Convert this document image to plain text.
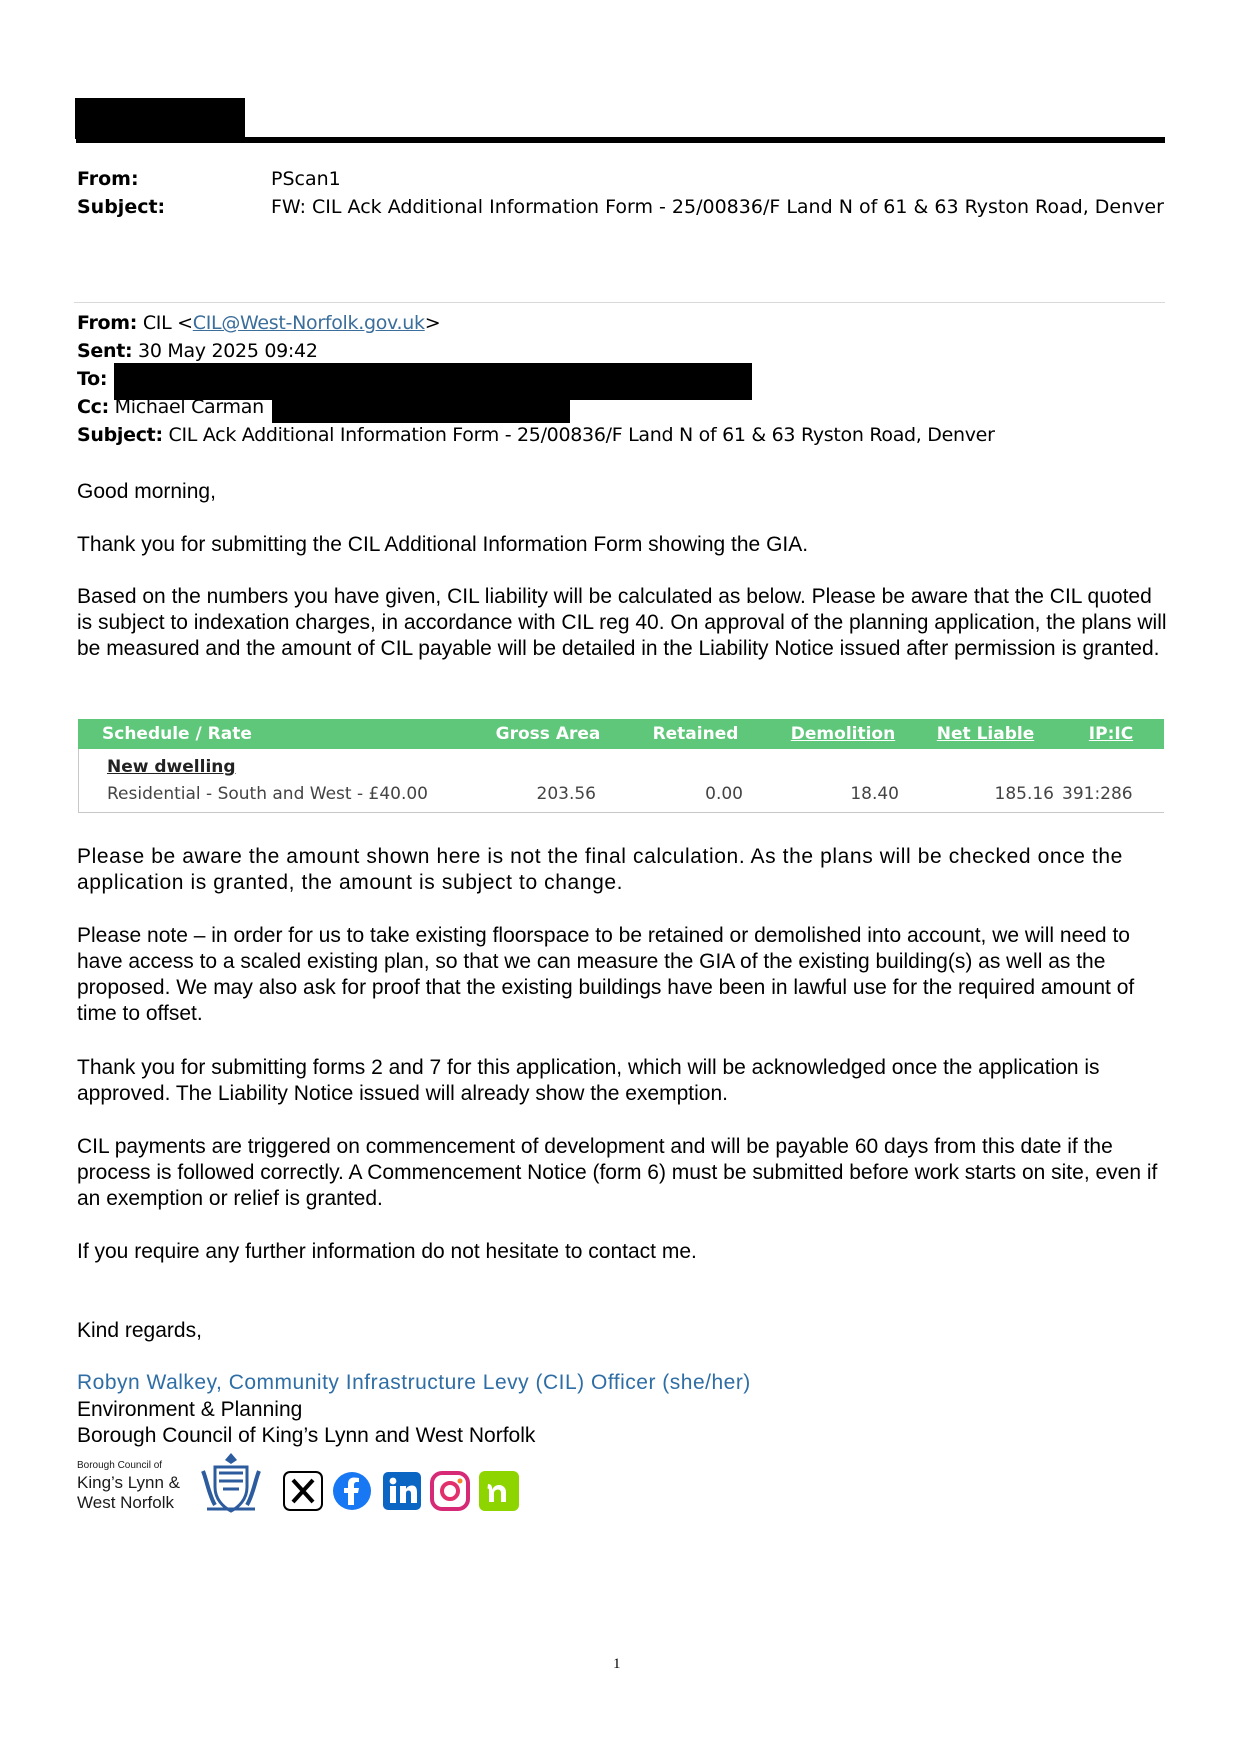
From:	PScan1
Subject:	FW: CIL Ack Additional Information Form - 25/00836/F Land N of 61 & 63 Ryston Road, Denver
From: CIL <CIL@West-Norfolk.gov.uk>
Sent: 30 May 2025 09:42
To:
Cc: Michael Carman
Subject: CIL Ack Additional Information Form - 25/00836/F Land N of 61 & 63 Ryston Road, Denver
Good morning,
Thank you for submitting the CIL Additional Information Form showing the GIA.
Based on the numbers you have given, CIL liability will be calculated as below. Please be aware that the CIL quoted is subject to indexation charges, in accordance with CIL reg 40. On approval of the planning application, the plans will be measured and the amount of CIL payable will be detailed in the Liability Notice issued after permission is granted.
Schedule / Rate	Gross Area	Retained	Demolition	Net Liable	IP:IC
New dwelling					
Residential - South and West - £40.00	203.56	0.00	18.40	185.16	391:286
Please be aware the amount shown here is not the final calculation. As the plans will be checked once the application is granted, the amount is subject to change.
Please note – in order for us to take existing floorspace to be retained or demolished into account, we will need to have access to a scaled existing plan, so that we can measure the GIA of the existing building(s) as well as the proposed. We may also ask for proof that the existing buildings have been in lawful use for the required amount of time to offset.
Thank you for submitting forms 2 and 7 for this application, which will be acknowledged once the application is approved. The Liability Notice issued will already show the exemption.
CIL payments are triggered on commencement of development and will be payable 60 days from this date if the process is followed correctly. A Commencement Notice (form 6) must be submitted before work starts on site, even if an exemption or relief is granted.
If you require any further information do not hesitate to contact me.
Kind regards,
Robyn Walkey, Community Infrastructure Levy (CIL) Officer (she/her)
Environment & Planning
Borough Council of King’s Lynn and West Norfolk
Borough Council of
King’s Lynn &
West Norfolk
1
